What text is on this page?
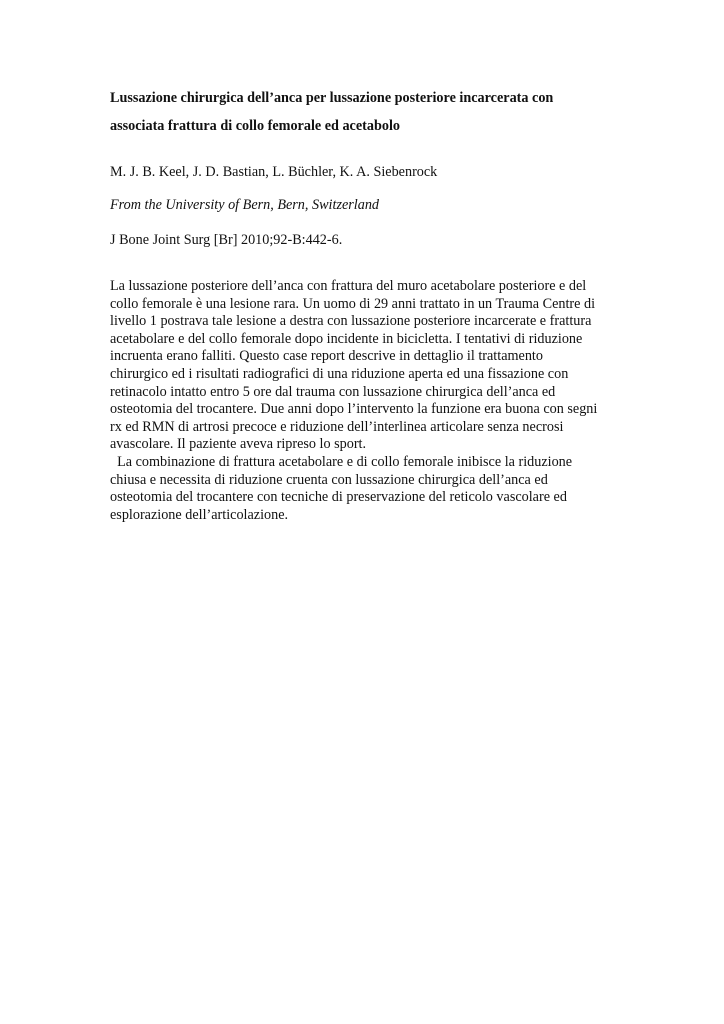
Lussazione chirurgica dell’anca per lussazione posteriore incarcerata con
associata frattura di collo femorale ed acetabolo

M. J. B. Keel, J. D. Bastian, L. Büchler, K. A. Siebenrock

From the University of Bern, Bern, Switzerland

J Bone Joint Surg [Br] 2010;92-B:442-6.

La lussazione posteriore dell’anca con frattura del muro acetabolare posteriore e del
collo femorale è una lesione rara. Un uomo di 29 anni trattato in un Trauma Centre di
livello 1 postrava tale lesione a destra con lussazione posteriore incarcerate e frattura
acetabolare e del collo femorale dopo incidente in bicicletta. I tentativi di riduzione
incruenta erano falliti. Questo case report descrive in dettaglio il trattamento
chirurgico ed i risultati radiografici di una riduzione aperta ed una fissazione con
retinacolo intatto entro 5 ore dal trauma con lussazione chirurgica dell’anca ed
osteotomia del trocantere. Due anni dopo l’intervento la funzione era buona con segni
rx ed RMN di artrosi precoce e riduzione dell’interlinea articolare senza necrosi
avascolare. Il paziente aveva ripreso lo sport.
La combinazione di frattura acetabolare e di collo femorale inibisce la riduzione
chiusa e necessita di riduzione cruenta con lussazione chirurgica dell’anca ed
osteotomia del trocantere con tecniche di preservazione del reticolo vascolare ed
esplorazione dell’articolazione.
